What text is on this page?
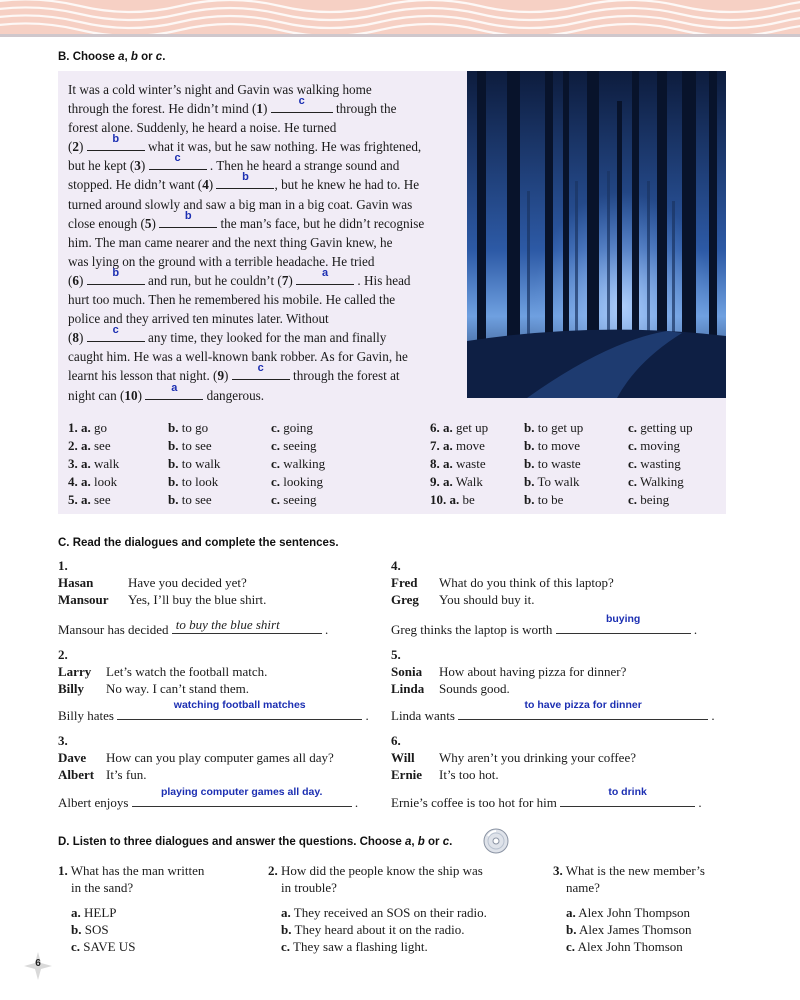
B. Choose a, b or c.
It was a cold winter’s night and Gavin was walking home
through the forest. He didn’t mind (1)	c	through the
forest alone. Suddenly, he heard a noise. He turned
(2)	b	what it was, but he saw nothing. He was frightened,
but he kept (3)	c	. Then he heard a strange sound and
stopped. He didn’t want (4)	b	, but he knew he had to. He
turned around slowly and saw a big man in a big coat. Gavin was
close enough (5)	b	the man’s face, but he didn’t recognise
him. The man came nearer and the next thing Gavin knew, he
was lying on the ground with a terrible headache. He tried
(6)	b	and run, but he couldn’t (7)	a	. His head
hurt too much. Then he remembered his mobile. He called the
police and they arrived ten minutes later. Without
(8)	c	any time, they looked for the man and finally
caught him. He was a well-known bank robber. As for Gavin, he
learnt his lesson that night. (9)	c	through the forest at
night can (10)	a	dangerous.
1. a. go	b. to go	c. going
2. a. see	b. to see	c. seeing
3. a. walk	b. to walk	c. walking
4. a. look	b. to look	c. looking
5. a. see	b. to see	c. seeing
6. a. get up	b. to get up	c. getting up
7. a. move	b. to move	c. moving
8. a. waste	b. to waste	c. wasting
9. a. Walk	b. To walk	c. Walking
10. a. be	b. to be	c. being
C. Read the dialogues and complete the sentences.
1.
Hasan	Have you decided yet?
Mansour Yes, I’ll buy the blue shirt.
Mansour has decided to buy the blue shirt	.
2.
Larry Let’s watch the football match.
Billy No way. I can’t stand them.
Billy hates
watching football matches
.
3.
Dave How can you play computer games all day?
Albert It’s fun.
Albert enjoys
playing computer games all day.
.
4.
Fred What do you think of this laptop?
Greg You should buy it.
Greg thinks the laptop is worth
buying
.
5.
Sonia How about having pizza for dinner?
Linda Sounds good.
Linda wants
to have pizza for dinner
.
6.
Will Why aren’t you drinking your coffee?
Ernie It’s too hot.
Ernie’s coffee is too hot for him
to drink
.
D. Listen to three dialogues and answer the questions. Choose a, b or c.
1. What has the man written
in the sand?
a. HELP
b. SOS
c. SAVE US
2. How did the people know the ship was
in trouble?
a. They received an SOS on their radio.
b. They heard about it on the radio.
c. They saw a flashing light.
3. What is the new member’s
name?
a. Alex John Thompson
b. Alex James Thomson
c. Alex John Thomson
6
